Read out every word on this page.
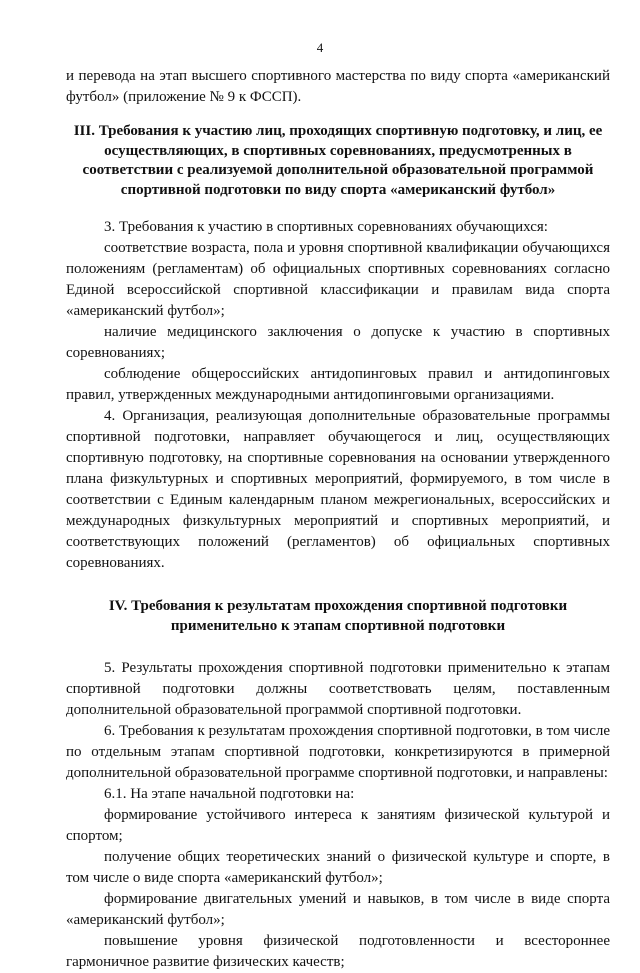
4

и перевода на этап высшего спортивного мастерства по виду спорта «американский футбол» (приложение № 9 к ФССП).

III. Требования к участию лиц, проходящих спортивную подготовку, и лиц, ее осуществляющих, в спортивных соревнованиях, предусмотренных в соответствии с реализуемой дополнительной образовательной программой спортивной подготовки по виду спорта «американский футбол»

3. Требования к участию в спортивных соревнованиях обучающихся:

соответствие возраста, пола и уровня спортивной квалификации обучающихся положениям (регламентам) об официальных спортивных соревнованиях согласно Единой всероссийской спортивной классификации и правилам вида спорта «американский футбол»;

наличие медицинского заключения о допуске к участию в спортивных соревнованиях;

соблюдение общероссийских антидопинговых правил и антидопинговых правил, утвержденных международными антидопинговыми организациями.

4. Организация, реализующая дополнительные образовательные программы спортивной подготовки, направляет обучающегося и лиц, осуществляющих спортивную подготовку, на спортивные соревнования на основании утвержденного плана физкультурных и спортивных мероприятий, формируемого, в том числе в соответствии с Единым календарным планом межрегиональных, всероссийских и международных физкультурных мероприятий и спортивных мероприятий, и соответствующих положений (регламентов) об официальных спортивных соревнованиях.

IV. Требования к результатам прохождения спортивной подготовки применительно к этапам спортивной подготовки

5. Результаты прохождения спортивной подготовки применительно к этапам спортивной подготовки должны соответствовать целям, поставленным дополнительной образовательной программой спортивной подготовки.

6. Требования к результатам прохождения спортивной подготовки, в том числе по отдельным этапам спортивной подготовки, конкретизируются в примерной дополнительной образовательной программе спортивной подготовки, и направлены:

6.1. На этапе начальной подготовки на:

формирование устойчивого интереса к занятиям физической культурой и спортом;

получение общих теоретических знаний о физической культуре и спорте, в том числе о виде спорта «американский футбол»;

формирование двигательных умений и навыков, в том числе в виде спорта «американский футбол»;

повышение уровня физической подготовленности и всестороннее гармоничное развитие физических качеств;
